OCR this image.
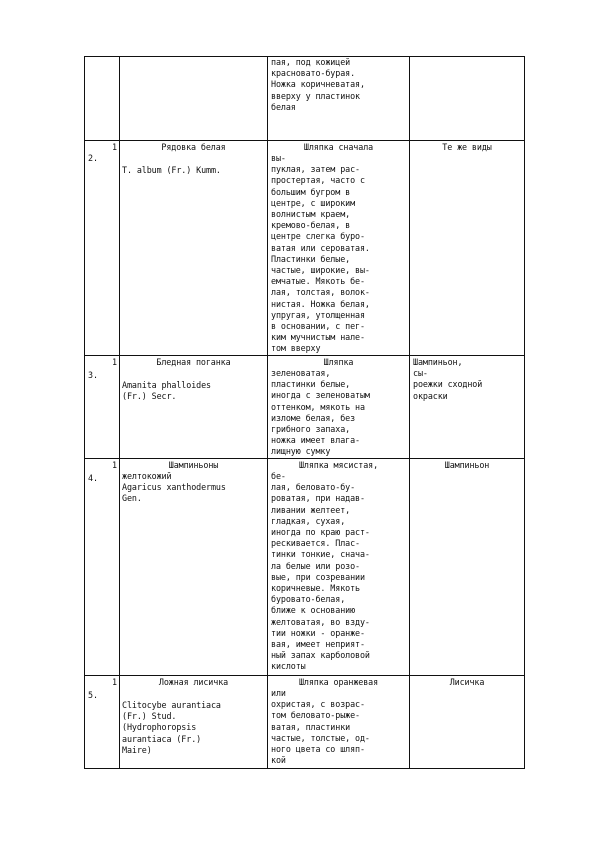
пая, под кожицей
красновато-бурая.
Ножка коричневатая,
вверху у пластинок
белая
1
2.
Рядовка белая
T. album (Fr.) Kumm.
Шляпка сначала
вы-
пуклая, затем рас-
простертая, часто с
большим бугром в
центре, с широким
волнистым краем,
кремово-белая, в
центре слегка буро-
ватая или сероватая.
Пластинки белые,
частые, широкие, вы-
емчатые. Мякоть бе-
лая, толстая, волок-
нистая. Ножка белая,
упругая, утолщенная
в основании, с пег-
ким мучнистым нале-
том вверху
Те же виды
1
3.
Бледная поганка
Amanita phalloides
(Fr.) Secr.
Шляпка
зеленоватая,
пластинки белые,
иногда с зеленоватым
оттенком, мякоть на
изломе белая, без
грибного запаха,
ножка имеет влага-
лищную сумку
Шампиньон,
сы-
роежки сходной
окраски
1
4.
Шампиньоны
желтокожий
Agaricus xanthodermus
Gen.
Шляпка мясистая,
бе-
лая, беловато-бу-
роватая, при надав-
ливании желтеет,
гладкая, сухая,
иногда по краю раст-
рескивается. Плас-
тинки тонкие, снача-
ла белые или розо-
вые, при созревании
коричневые. Мякоть
буровато-белая,
ближе к основанию
желтоватая, во взду-
тии ножки - оранже-
вая, имеет неприят-
ный запах карболовой
кислоты
Шампиньон
1
5.
Ложная лисичка
Clitocybe aurantiaca
(Fr.) Stud.
(Hydrophoropsis
aurantiaca (Fr.)
Maire)
Шляпка оранжевая
или
охристая, с возрас-
том беловато-рыже-
ватая, пластинки
частые, толстые, од-
ного цвета со шляп-
кой
Лисичка
